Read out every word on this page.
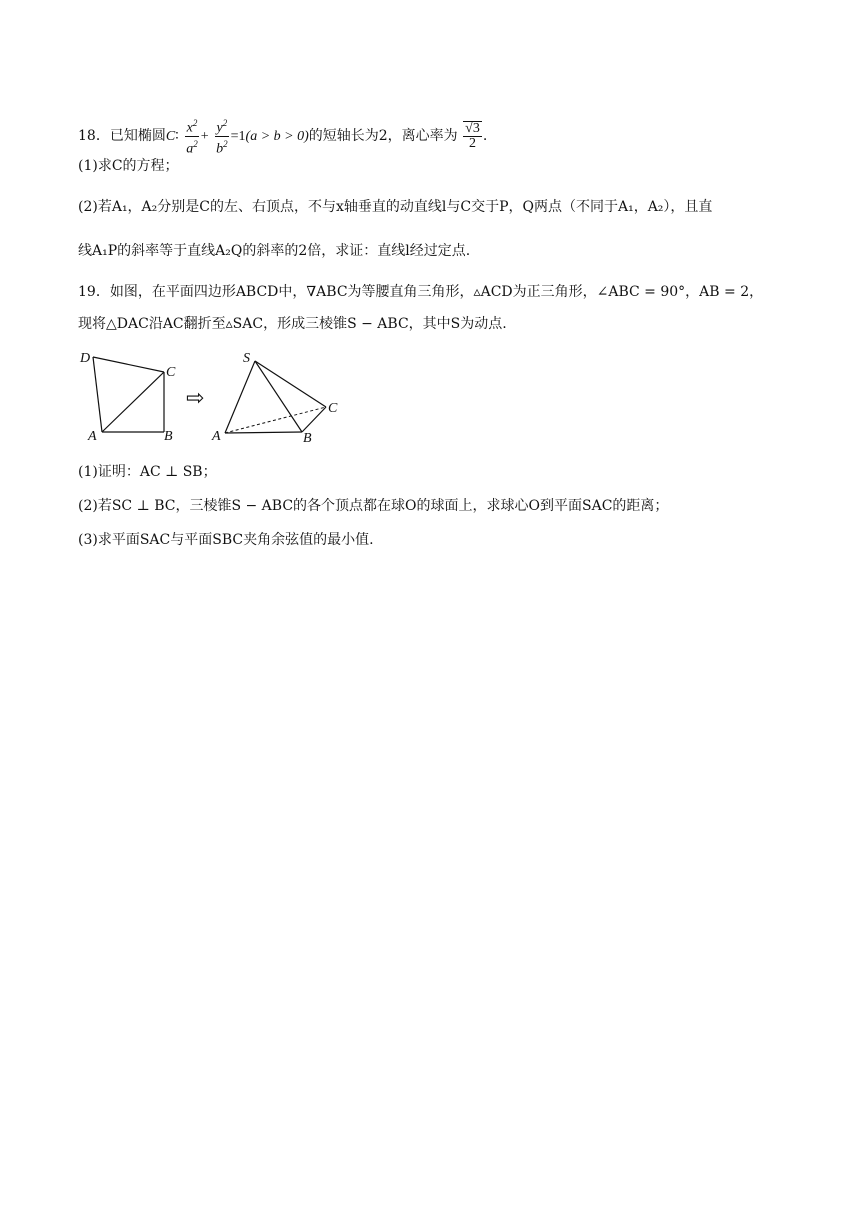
18．已知椭圆C∶ $\frac{x^2}{a^2} + \frac{y^2}{b^2} =1(a > b > 0)$的短轴长为2，离心率为 $\frac{√3}{2}$ .
(1)求C的方程；
(2)若A₁，A₂分别是C的左、右顶点，不与x轴垂直的动直线l与C交于P，Q两点（不同于A₁，A₂），且直
线A₁P的斜率等于直线A₂Q的斜率的2倍，求证：直线l经过定点.
19．如图，在平面四边形ABCD中，∇ABC为等腰直角三角形，▵ACD为正三角形，∠ABC = 90°，AB = 2，
现将△DAC沿AC翻折至▵SAC，形成三棱锥S − ABC，其中S为动点.
D
C
A	B
⇨
S
C
A	B
(1)证明：AC ⊥ SB；
(2)若SC ⊥ BC，三棱锥S − ABC的各个顶点都在球O的球面上，求球心O到平面SAC的距离；
(3)求平面SAC与平面SBC夹角余弦值的最小值.
